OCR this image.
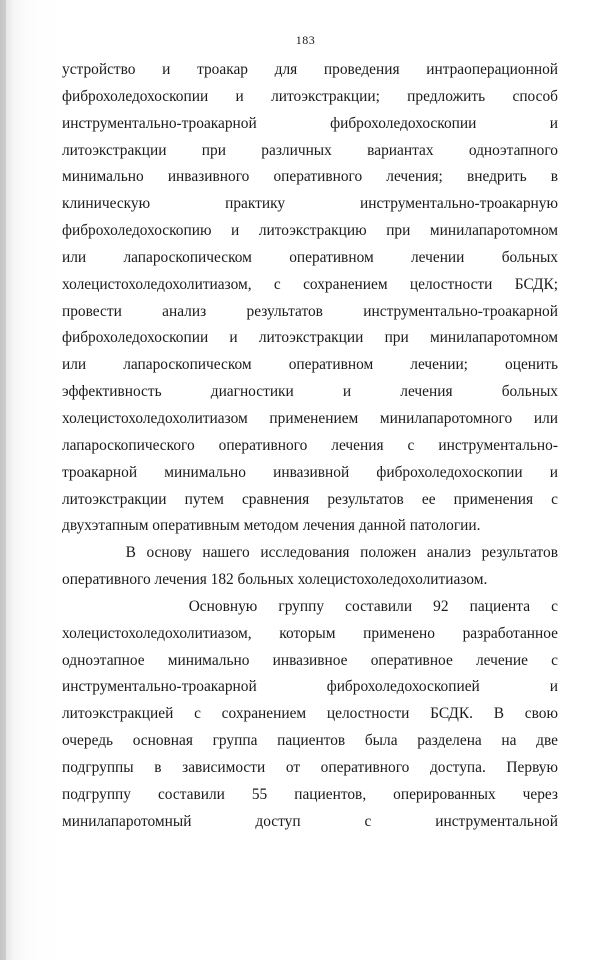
183
устройство и троакар для проведения интраоперационной
фиброхоледохоскопии и литоэкстракции; предложить способ
инструментально-троакарной фиброхоледохоскопии и
литоэкстракции при различных вариантах одноэтапного
минимально инвазивного оперативного лечения; внедрить в
клиническую практику инструментально-троакарную
фиброхоледохоскопию и литоэкстракцию при минилапаротомном
или лапароскопическом оперативном лечении больных
холецистохоледохолитиазом, с сохранением целостности БСДК;
провести анализ результатов инструментально-троакарной
фиброхоледохоскопии и литоэкстракции при минилапаротомном
или лапароскопическом оперативном лечении; оценить
эффективность диагностики и лечения больных
холецистохоледохолитиазом применением минилапаротомного или
лапароскопического оперативного лечения с инструментально-
троакарной минимально инвазивной фиброхоледохоскопии и
литоэкстракции путем сравнения результатов ее применения с
двухэтапным оперативным методом лечения данной патологии.
В основу нашего исследования положен анализ результатов
оперативного лечения 182 больных холецистохоледохолитиазом.
Основную группу составили 92 пациента с
холецистохоледохолитиазом, которым применено разработанное
одноэтапное минимально инвазивное оперативное лечение с
инструментально-троакарной фиброхоледохоскопией и
литоэкстракцией с сохранением целостности БСДК. В свою
очередь основная группа пациентов была разделена на две
подгруппы в зависимости от оперативного доступа. Первую
подгруппу составили 55 пациентов, оперированных через
минилапаротомный доступ с инструментальной
